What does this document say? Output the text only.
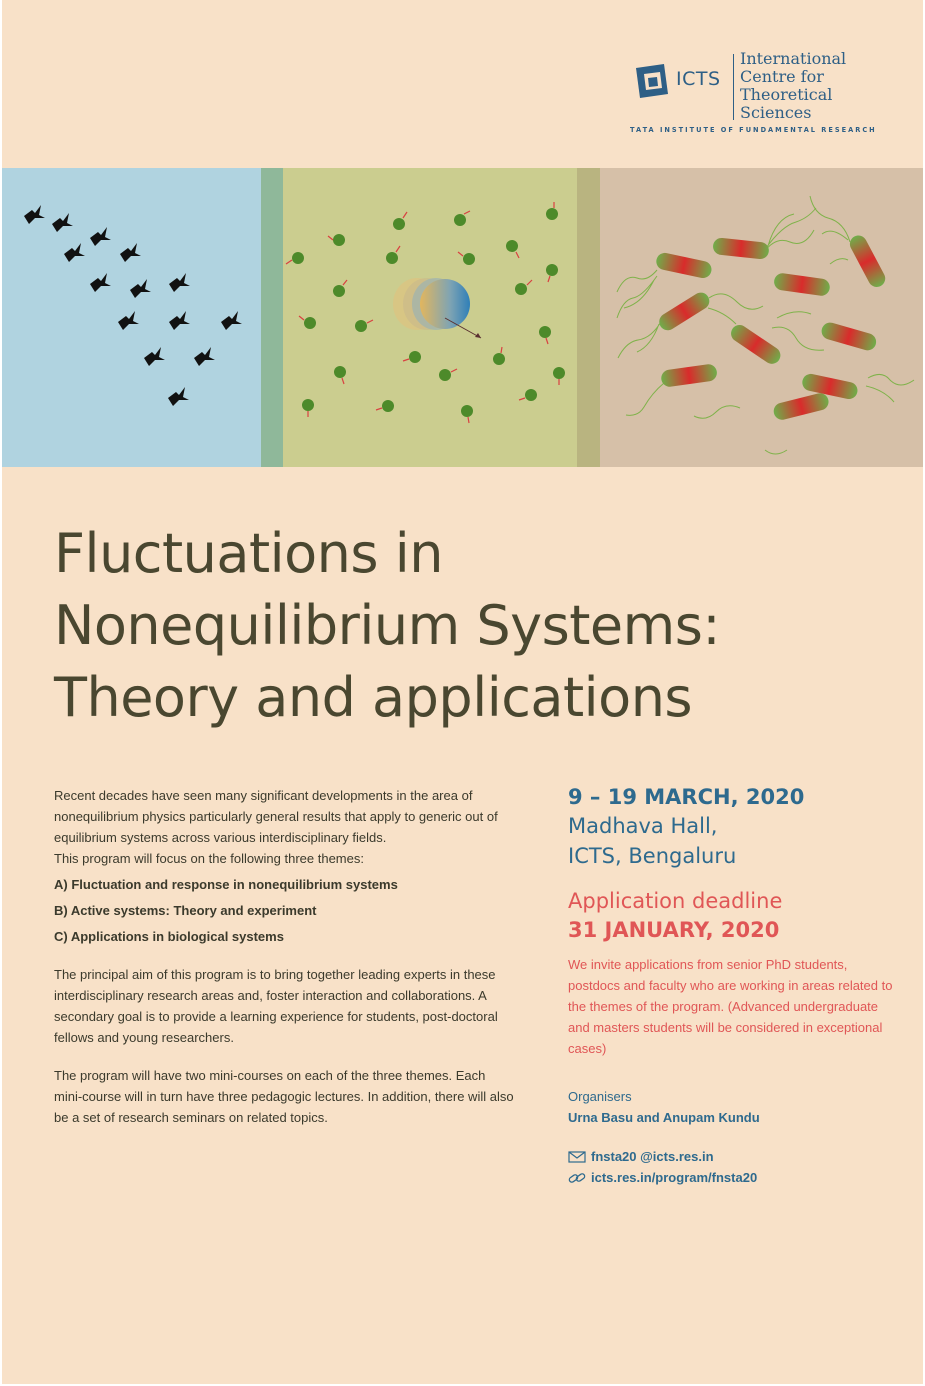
ICTS
International
Centre for
Theoretical
Sciences
TATA INSTITUTE OF FUNDAMENTAL RESEARCH
Fluctuations in
Nonequilibrium Systems:
Theory and applications

Recent decades have seen many significant developments in the area of nonequilibrium physics particularly general results that apply to generic out of equilibrium systems across various interdisciplinary fields.

This program will focus on the following three themes:

A) Fluctuation and response in nonequilibrium systems

B) Active systems: Theory and experiment

C) Applications in biological systems

The principal aim of this program is to bring together leading experts in these interdisciplinary research areas and, foster interaction and collaborations. A secondary goal is to provide a learning experience for students, post-doctoral fellows and young researchers.

The program will have two mini-courses on each of the three themes. Each mini-course will in turn have three pedagogic lectures. In addition, there will also be a set of research seminars on related topics.

9 – 19 MARCH, 2020
Madhava Hall,
ICTS, Bengaluru
Application deadline
31 JANUARY, 2020
We invite applications from senior PhD students, postdocs and faculty who are working in areas related to the themes of the program. (Advanced undergraduate and masters students will be considered in exceptional cases)
Organisers
Urna Basu and Anupam Kundu
fnsta20 @icts.res.in
icts.res.in/program/fnsta20
